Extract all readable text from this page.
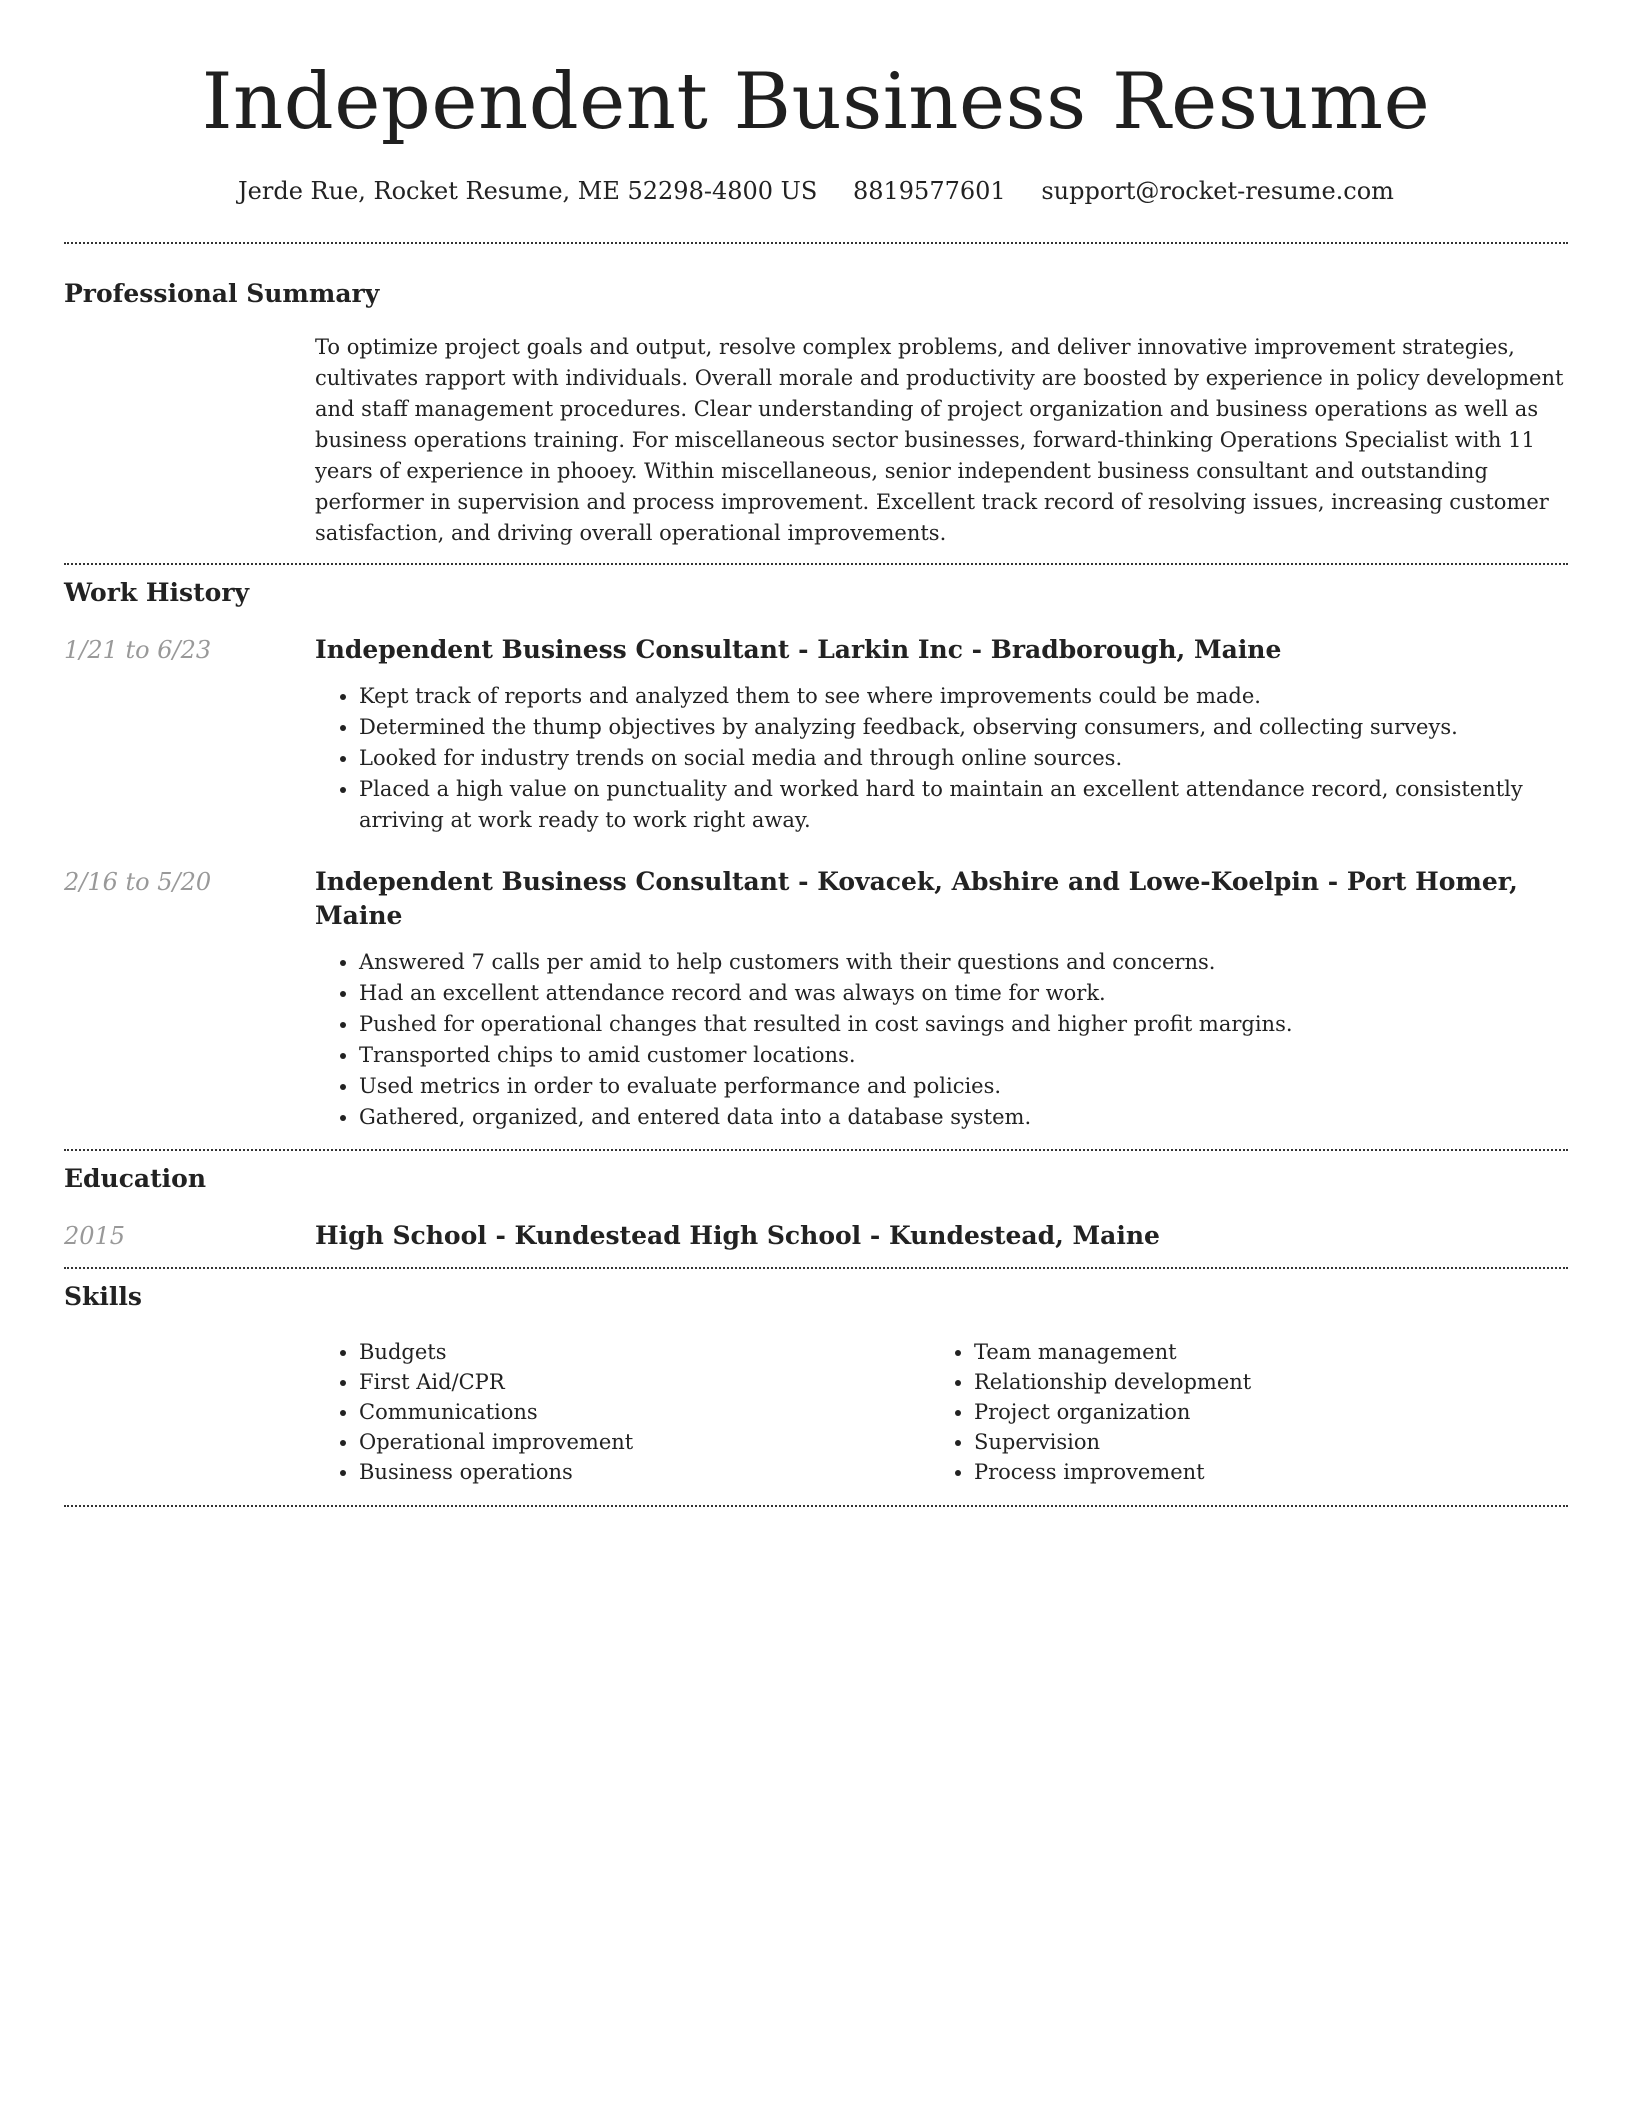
Independent Business Resume
Jerde Rue, Rocket Resume, ME 52298-4800 US 8819577601 support@rocket-resume.com
Professional Summary

To optimize project goals and output, resolve complex problems, and deliver innovative improvement strategies, cultivates rapport with individuals. Overall morale and productivity are boosted by experience in policy development and staff management procedures. Clear understanding of project organization and business operations as well as business operations training. For miscellaneous sector businesses, forward-thinking Operations Specialist with 11 years of experience in phooey. Within miscellaneous, senior independent business consultant and outstanding performer in supervision and process improvement. Excellent track record of resolving issues, increasing customer satisfaction, and driving overall operational improvements.

Work History
1/21 to 6/23	Independent Business Consultant - Larkin Inc - Bradborough, Maine
• Kept track of reports and analyzed them to see where improvements could be made.
• Determined the thump objectives by analyzing feedback, observing consumers, and collecting surveys.
• Looked for industry trends on social media and through online sources.
• Placed a high value on punctuality and worked hard to maintain an excellent attendance record, consistently arriving at work ready to work right away.
2/16 to 5/20	Independent Business Consultant - Kovacek, Abshire and Lowe-Koelpin - Port Homer, Maine
• Answered 7 calls per amid to help customers with their questions and concerns.
• Had an excellent attendance record and was always on time for work.
• Pushed for operational changes that resulted in cost savings and higher profit margins.
• Transported chips to amid customer locations.
• Used metrics in order to evaluate performance and policies.
• Gathered, organized, and entered data into a database system.
Education
2015	High School - Kundestead High School - Kundestead, Maine
Skills
• Budgets
• First Aid/CPR
• Communications
• Operational improvement
• Business operations
• Team management
• Relationship development
• Project organization
• Supervision
• Process improvement
